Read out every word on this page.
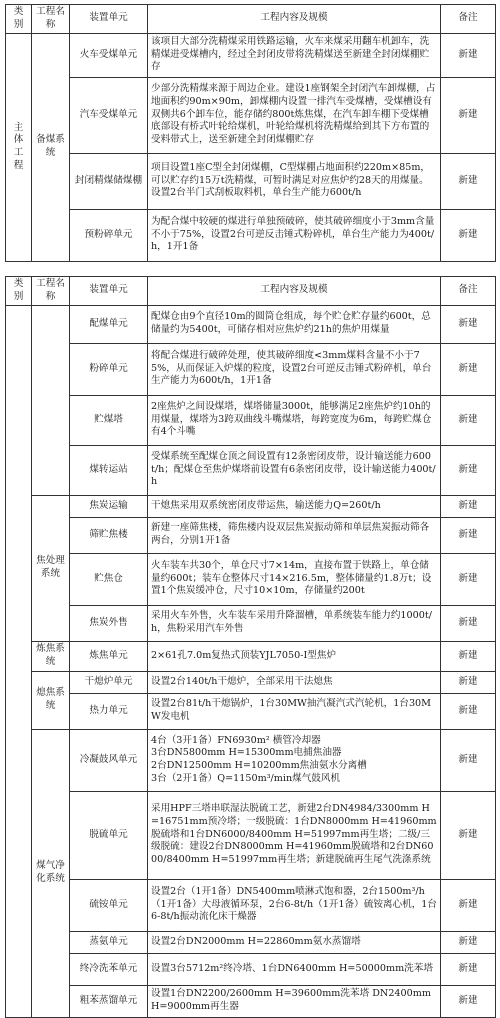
类别	工程名称	装置单元	工程内容及规模	备注
主体工程	备煤系统	火车受煤单元	该项目大部分洗精煤采用铁路运输，火车来煤采用翻车机卸车，洗精煤进受煤槽内，经过全封闭皮带将洗精煤送至新建全封闭煤棚贮存	新建
		汽车受煤单元	少部分洗精煤来源于周边企业。建设1座钢架全封闭汽车卸煤棚，占地面积约90m×90m，卸煤棚内设置一排汽车受煤槽，受煤槽设有双侧共6个卸车位，能存储约800t炼焦煤，在汽车卸车棚下受煤槽底部设有桥式叶轮给煤机，叶轮给煤机将洗精煤给到其下方布置的受料带式上，送至新建全封闭煤棚贮存	新建
		封闭精煤储煤棚	项目设置1座C型全封闭煤棚，C型煤棚占地面积约220m×85m，可以贮存约15万t洗精煤，可暂时满足对应焦炉约28天的用煤量。设置2台半门式刮板取料机，单台生产能力600t/h	新建
		预粉碎单元	为配合煤中较硬的煤进行单独预破碎，使其破碎细度小于3mm含量不小于75%，设置2台可逆反击锤式粉碎机，单台生产能力为400t/h，1开1备	新建
类别	工程名称	装置单元	工程内容及规模	备注
		配煤单元	配煤仓由9个直径10m的圆筒仓组成，每个贮仓贮存量约600t，总储量约为5400t，可储存相对应焦炉约21h的焦炉用煤量	新建
		粉碎单元	将配合煤进行破碎处理，使其破碎细度<3mm煤料含量不小于75%，从而保证入炉煤的粒度，设置2台可逆反击锤式粉碎机，单台生产能力为600t/h，1开1备	新建
		贮煤塔	2座焦炉之间设煤塔，煤塔储量3000t，能够满足2座焦炉约10h的用煤量，煤塔为3跨双曲线斗嘴煤塔，每跨宽度为6m，每跨贮煤仓有4个斗嘴	新建
		煤转运站	受煤系统至配煤仓顶之间设置有12条密闭皮带，设计输送能力600t/h；配煤仓至焦炉煤塔前设置有6条密闭皮带，设计输送能力400t/h	新建
	焦处理系统	焦炭运输	干熄焦采用双系统密闭皮带运焦，输送能力Q=260t/h	新建
		筛贮焦楼	新建一座筛焦楼，筛焦楼内设双层焦炭振动筛和单层焦炭振动筛各两台，分别1开1备	新建
		贮焦仓	火车装车共30个，单仓尺寸7×14m，直接布置于铁路上，单仓储量约600t；装车仓整体尺寸14×216.5m，整体储量约1.8万t；设置1个焦炭缓冲仓，尺寸10×10m，存储量约200t	新建
		焦炭外售	采用火车外售，火车装车采用升降溜槽，单系统装车能力约1000t/h，焦粉采用汽车外售	新建
	炼焦系统	炼焦单元	2×61孔7.0m复热式顶装YJL7050-I型焦炉	新建
	熄焦系统	干熄炉单元	设置2台140t/h干熄炉，全部采用干法熄焦	新建
		热力单元	设置2台81t/h干熄锅炉，1台30MW抽汽凝汽式汽轮机，1台30MW发电机	新建
	煤气净化系统	冷凝鼓风单元	4台（3开1备）FN6930m² 横管冷却器
3台DN5800mm H=15300mm电捕焦油器
2台DN12500mm H=10200mm焦油氨水分离槽
3台（2开1备）Q=1150m³/min煤气鼓风机	新建
		脱硫单元	采用HPF三塔串联湿法脱硫工艺，新建2台DN4984/3300mm H=16751mm预冷塔；一级脱硫：1台DN8000mm H=41960mm脱硫塔和1台DN6000/8400mm H=51997mm再生塔；二级/三级脱硫：建设2台DN8000mm H=41960mm脱硫塔和2台DN6000/8400mm H=51997mm再生塔；新建脱硫再生尾气洗涤系统	新建
		硫铵单元	设置2台（1开1备）DN5400mm喷淋式饱和器，2台1500m³/h（1开1备）大母液循环泵，2台6-8t/h（1开1备）硫铵离心机，1台6-8t/h振动流化床干燥器	新建
		蒸氨单元	设置2台DN2000mm H=22860mm氨水蒸馏塔	新建
		终冷洗苯单元	设置3台5712m²终冷塔、1台DN6400mm H=50000mm洗苯塔	新建
		粗苯蒸馏单元	设置1台DN2200/2600mm H=39600mm洗苯塔 DN2400mm H=9000mm再生器	新建
